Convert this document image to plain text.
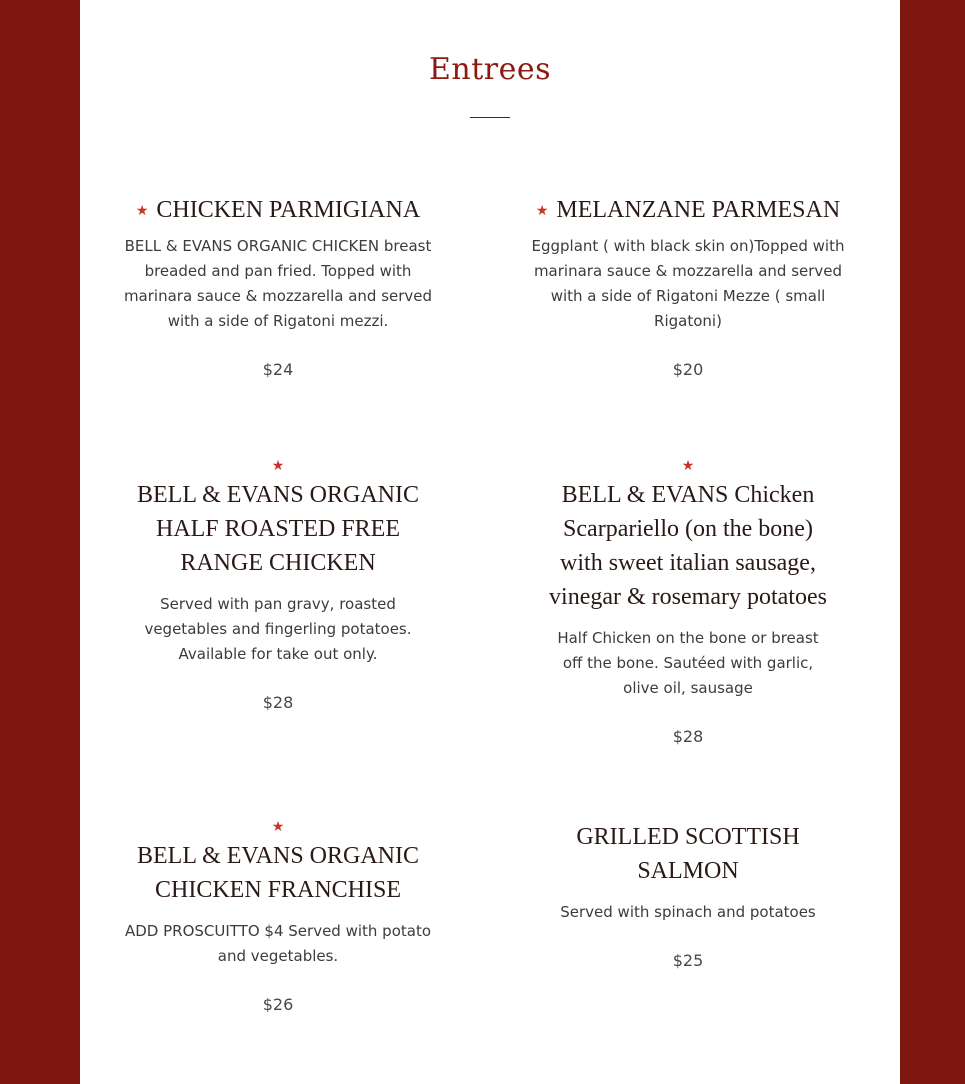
Entrees
★ CHICKEN PARMIGIANA

BELL & EVANS ORGANIC CHICKEN breast breaded and pan fried. Topped with marinara sauce & mozzarella and served with a side of Rigatoni mezzi.

$24
★ MELANZANE PARMESAN

Eggplant ( with black skin on)Topped with marinara sauce & mozzarella and served with a side of Rigatoni Mezze ( small Rigatoni)

$20
★
BELL & EVANS ORGANIC HALF ROASTED FREE RANGE CHICKEN

Served with pan gravy, roasted vegetables and fingerling potatoes. Available for take out only.

$28
★
BELL & EVANS Chicken Scarpariello (on the bone) with sweet italian sausage, vinegar & rosemary potatoes

Half Chicken on the bone or breast off the bone. Sautéed with garlic, olive oil, sausage

$28
★
BELL & EVANS ORGANIC CHICKEN FRANCHISE

ADD PROSCUITTO $4 Served with potato and vegetables.

$26
GRILLED SCOTTISH SALMON

Served with spinach and potatoes

$25
